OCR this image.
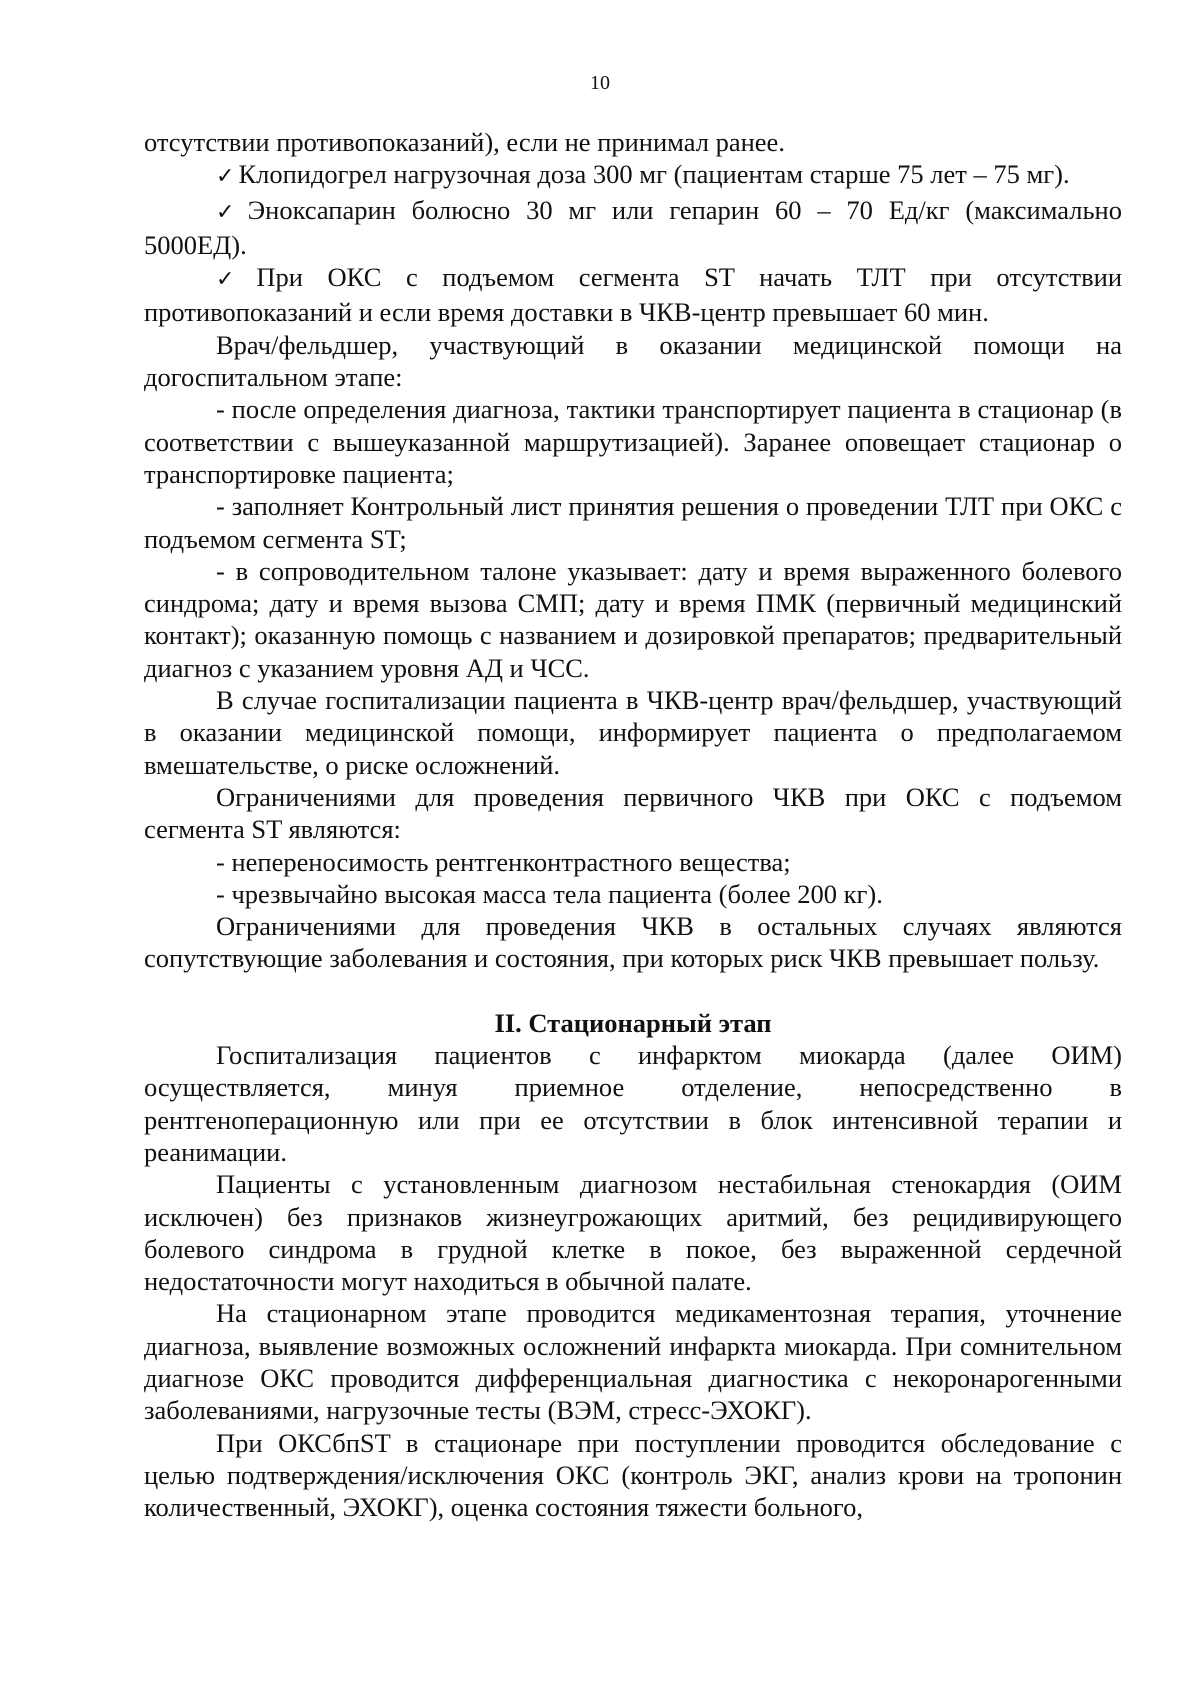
10

отсутствии противопоказаний), если не принимал ранее.

✓ Клопидогрел нагрузочная доза 300 мг (пациентам старше 75 лет – 75 мг).

✓ Эноксапарин болюсно 30 мг или гепарин 60 – 70 Ед/кг (максимально 5000ЕД).

✓ При ОКС с подъемом сегмента ST начать ТЛТ при отсутствии противопоказаний и если время доставки в ЧКВ-центр превышает 60 мин.

Врач/фельдшер, участвующий в оказании медицинской помощи на догоспитальном этапе:

- после определения диагноза, тактики транспортирует пациента в стационар (в соответствии с вышеуказанной маршрутизацией). Заранее оповещает стационар о транспортировке пациента;

- заполняет Контрольный лист принятия решения о проведении ТЛТ при ОКС с подъемом сегмента ST;

- в сопроводительном талоне указывает: дату и время выраженного болевого синдрома; дату и время вызова СМП; дату и время ПМК (первичный медицинский контакт); оказанную помощь с названием и дозировкой препаратов; предварительный диагноз с указанием уровня АД и ЧСС.

В случае госпитализации пациента в ЧКВ-центр врач/фельдшер, участвующий в оказании медицинской помощи, информирует пациента о предполагаемом вмешательстве, о риске осложнений.

Ограничениями для проведения первичного ЧКВ при ОКС с подъемом сегмента ST являются:

- непереносимость рентгенконтрастного вещества;

- чрезвычайно высокая масса тела пациента (более 200 кг).

Ограничениями для проведения ЧКВ в остальных случаях являются сопутствующие заболевания и состояния, при которых риск ЧКВ превышает пользу.

II. Стационарный этап

Госпитализация пациентов с инфарктом миокарда (далее ОИМ) осуществляется, минуя приемное отделение, непосредственно в рентгеноперационную или при ее отсутствии в блок интенсивной терапии и реанимации.

Пациенты с установленным диагнозом нестабильная стенокардия (ОИМ исключен) без признаков жизнеугрожающих аритмий, без рецидивирующего болевого синдрома в грудной клетке в покое, без выраженной сердечной недостаточности могут находиться в обычной палате.

На стационарном этапе проводится медикаментозная терапия, уточнение диагноза, выявление возможных осложнений инфаркта миокарда. При сомнительном диагнозе ОКС проводится дифференциальная диагностика с некоронарогенными заболеваниями, нагрузочные тесты (ВЭМ, стресс-ЭХОКГ).

При ОКСбпST в стационаре при поступлении проводится обследование с целью подтверждения/исключения ОКС (контроль ЭКГ, анализ крови на тропонин количественный, ЭХОКГ), оценка состояния тяжести больного,
